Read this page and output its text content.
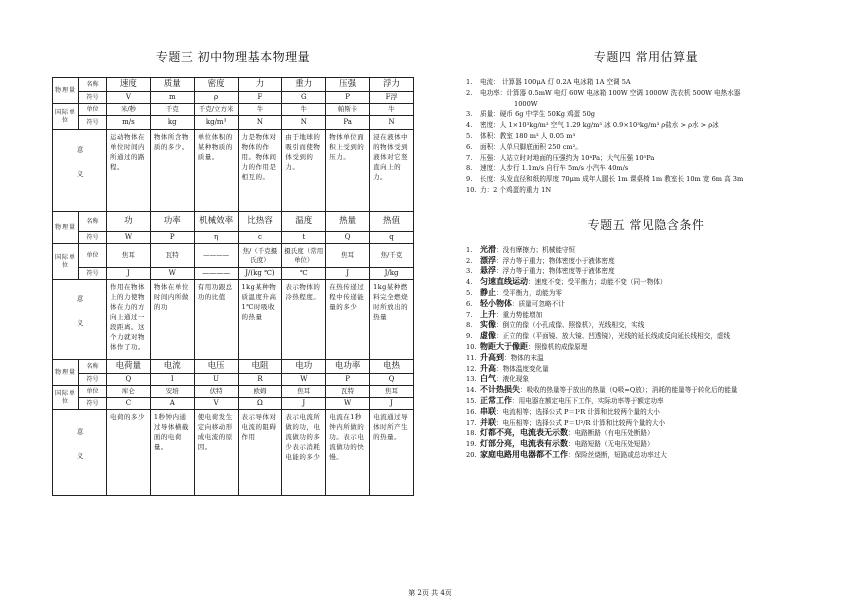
专题三 初中物理基本物理量
物理量	名称	速度	质量	密度	力	重力	压强	浮力
	符号	V	m	ρ	F	G	P	F浮
国际单位	单位	米/秒	千克	千克/立方米	牛	牛	帕斯卡	牛
	符号	m/s	kg	kg/m³	N	N	Pa	N
意义		运动物体在单位时间内所通过的路程。	物体所含物质的多少。	单位体积的某种物质的质量。	力是物体对物体的作用。物体间力的作用是相互的。	由于地球的吸引而使物体受到的力。	物体单位面积上受到的压力。	浸在液体中的物体受到液体对它竖直向上的力。
物理量	名称	功	功率	机械效率	比热容	温度	热量	热值
	符号	W	P	η	c	t	Q	q
国际单位	单位	焦耳	瓦特	————	焦/（千克摄氏度）	摄氏度（常用单位）	焦耳	焦/千克
	符号	J	W	————	J/(kg ℃)	℃	J	J/kg
意义		作用在物体上的力使物体在力的方向上通过一段距离。这个力就对物体作了功。	物体在单位时间内所做的功	有用功跟总功的比值	1kg某种物质温度升高1℃时吸收的热量	表示物体的冷热程度。	在热传递过程中传递能量的多少	1kg某种燃料完全燃烧时所放出的热量
物理量	名称	电荷量	电流	电压	电阻	电功	电功率	电热
	符号	Q	I	U	R	W	P	Q
国际单位	单位	库仑	安培	伏特	欧姆	焦耳	瓦特	焦耳
	符号	C	A	V	Ω	J	W	J
意义		电荷的多少	1秒钟内通过导体横截面的电荷量。	使电荷发生定向移动形成电流的原因。	表示导体对电流的阻碍作用	表示电流所做的功，电流做功的多少表示消耗电能的多少	电流在1秒钟内所做的功。表示电流做功的快慢。	电流通过导体时所产生的热量。
专题四 常用估算量
1. 电流： 计算器 100μA 灯 0.2A 电冰箱 1A 空调 5A
2. 电功率：计算器 0.5mW 电灯 60W 电冰箱 100W 空调 1000W 洗衣机 500W 电热水器
1000W
3. 质量：硬币 6g 中学生 50Kg 鸡蛋 50g
4. 密度：人 1×10³kg/m³ 空气 1.29 kg/m³ 冰 0.9×10³kg/m³ ρ盐水 > ρ水 > ρ冰
5. 体积：教室 180 m³ 人 0.05 m³
6. 面积：人单只脚底面积 250 cm²。
7. 压强：人站立时对地面的压强约为 10⁴Pa；大气压强 10⁵Pa
8. 速度：人步行 1.1m/s 自行车 5m/s 小汽车 40m/s
9. 长度：头发直径和纸的厚度 70μm 成年人腿长 1m 课桌椅 1m 教室长 10m 宽 6m 高 3m
10. 力：2 个鸡蛋的重力 1N
专题五 常见隐含条件
1. 光滑：没有摩擦力；机械能守恒
2. 漂浮：浮力等于重力；物体密度小于液体密度
3. 悬浮：浮力等于重力；物体密度等于液体密度
4. 匀速直线运动：速度不变；受平衡力；动能不变（同一物体）
5. 静止：受平衡力，动能为零
6. 轻小物体：质量可忽略不计
7. 上升：重力势能增加
8. 实像：倒立的像（小孔成像、照像机），光线相交，实线
9. 虚像：正立的像（平面镜、放大镜、凹透镜），光线的延长线或反向延长线相交，虚线
10. 物距大于像距：照像机的成像原理
11. 升高到：物体的末温
12. 升高：物体温度变化量
13. 白气：液化现象
14. 不计热损失：吸收的热量等于放出的热量（Q吸=Q放）；消耗的能量等于转化后的能量
15. 正常工作：用电器在额定电压下工作，实际功率等于额定功率
16. 串联：电流相等；选择公式 P＝I²R 计算和比较两个量的大小
17. 并联：电压相等；选择公式 P＝U²/R 计算和比较两个量的大小
18. 灯都不亮，电流表无示数：电路断路（有电压处断路）
19. 灯部分亮，电流表有示数：电路短路（无电压处短路）
20. 家庭电路用电器都不工作：保险丝烧断，短路或总功率过大
第 2页 共 4页
